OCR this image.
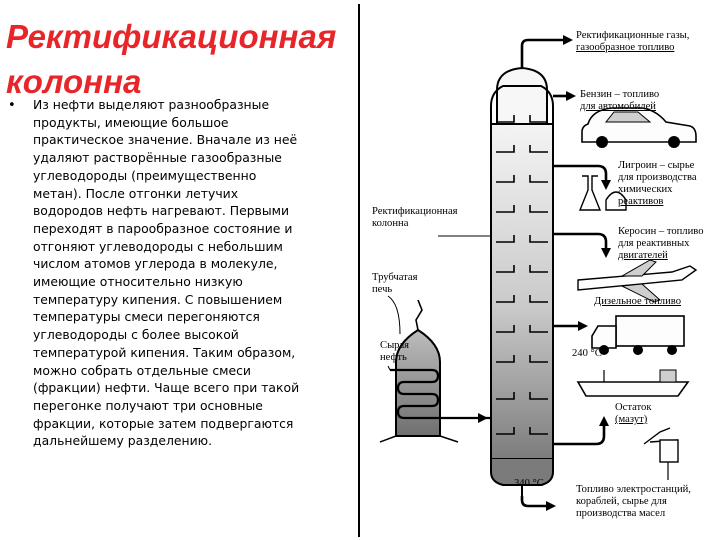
Ректификационная
колонна
• Из нефти выделяют разнообразные
продукты, имеющие большое
практическое значение. Вначале из неё
удаляют растворённые газообразные
углеводороды (преимущественно
метан). После отгонки летучих
водородов нефть нагревают. Первыми
переходят в парообразное состояние и
отгоняют углеводороды с небольшим
числом атомов углерода в молекуле,
имеющие относительно низкую
температуру кипения. С повышением
температуры смеси перегоняются
углеводороды с более высокой
температурой кипения. Таким образом,
можно собрать отдельные смеси
(фракции) нефти. Чаще всего при такой
перегонке получают три основные
фракции, которые затем подвергаются
дальнейшему разделению.
Ректификационные газы,
газообразное топливо
Бензин – топливо
для автомобилей
Лигроин – сырье
для производства
химических
реактивов
Керосин – топливо
для реактивных
двигателей
Дизельное топливо
Остаток
(мазут)
Топливо электростанций,
кораблей, сырье для
производства масел
Ректификационная
колонна
Трубчатая
печь
Сырая
нефть	240 °С
340 °С
